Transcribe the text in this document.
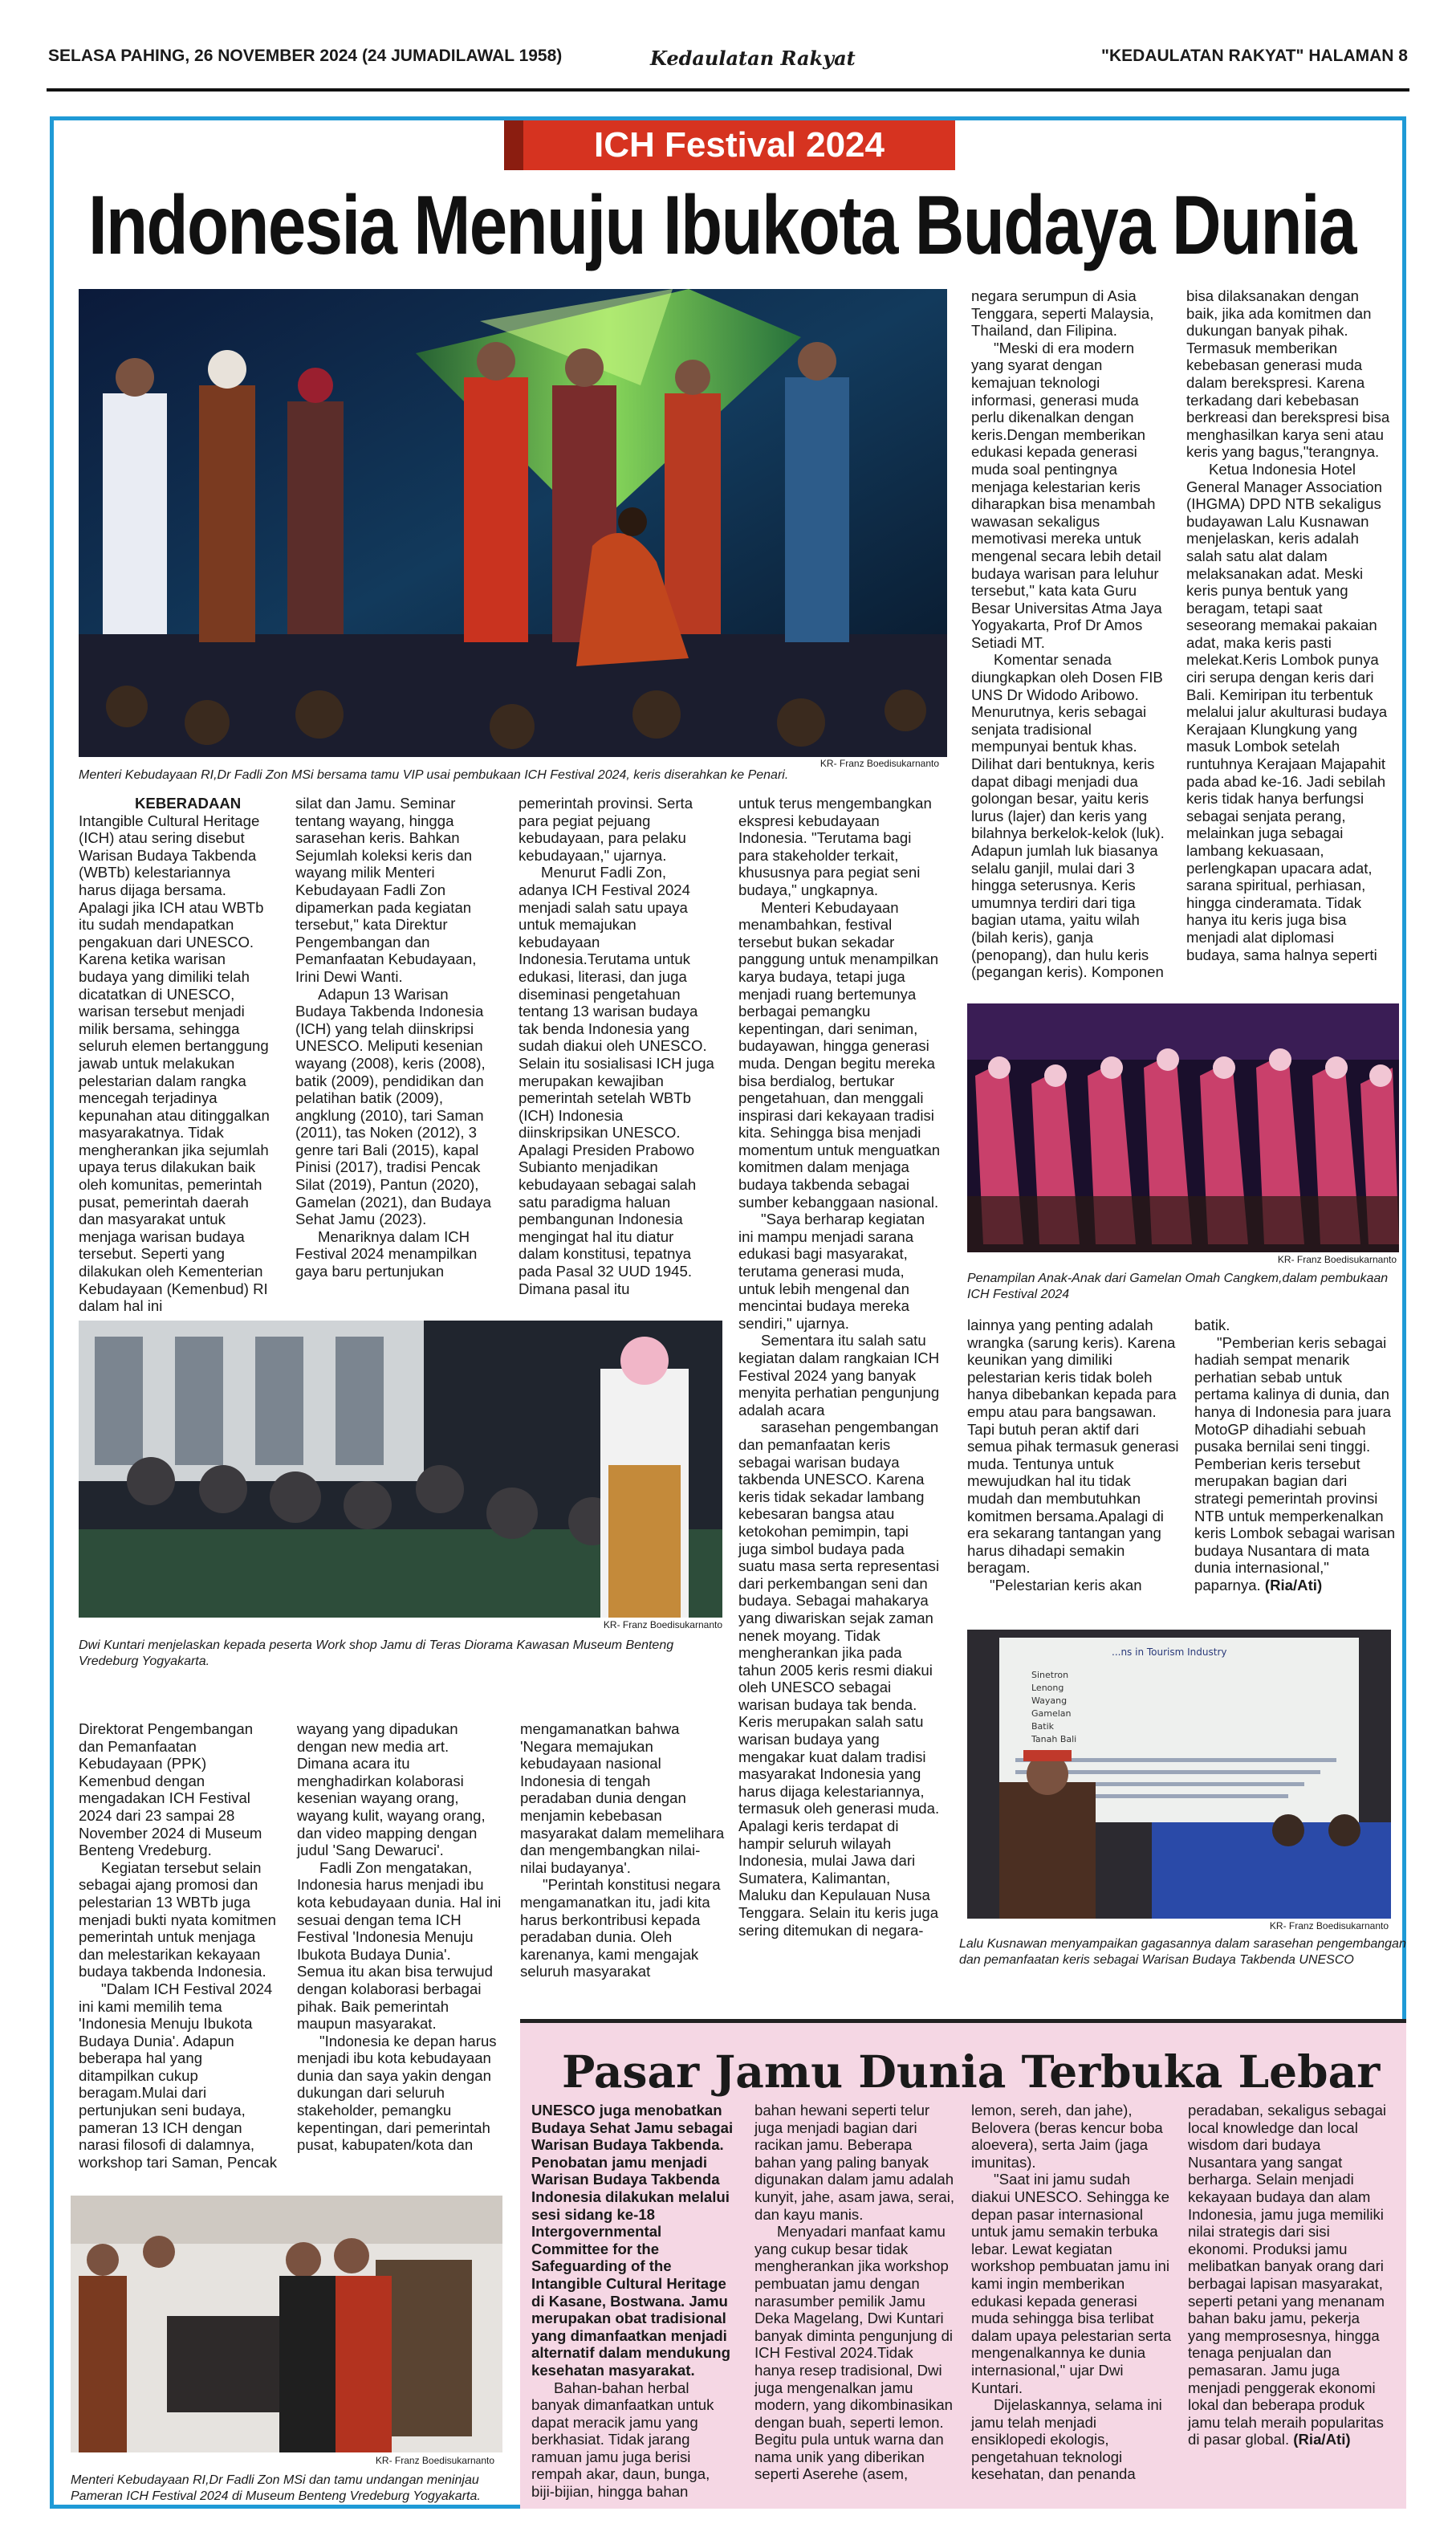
SELASA PAHING, 26 NOVEMBER 2024 (24 JUMADILAWAL 1958)	Kedaulatan Rakyat	"KEDAULATAN RAKYAT" HALAMAN 8
ICH Festival 2024
Indonesia Menuju Ibukota Budaya Dunia
KR- Franz Boedisukarnanto
Menteri Kebudayaan RI,Dr Fadli Zon MSi bersama tamu VIP usai pembukaan ICH Festival 2024, keris diserahkan ke Penari.
KR- Franz Boedisukarnanto
Penampilan Anak-Anak dari Gamelan Omah Cangkem,dalam pembukaan ICH Festival 2024
KR- Franz Boedisukarnanto
Dwi Kuntari menjelaskan kepada peserta Work shop Jamu di Teras Diorama Kawasan Museum Benteng Vredeburg Yogyakarta.
...ns in Tourism Industry
Sinetron
Lenong
Wayang
Gamelan
Batik
Tanah Bali
KR- Franz Boedisukarnanto
Lalu Kusnawan menyampaikan gagasannya dalam sarasehan pengembangan dan pemanfaatan keris sebagai Warisan Budaya Takbenda UNESCO
KR- Franz Boedisukarnanto
Menteri Kebudayaan RI,Dr Fadli Zon MSi dan tamu undangan meninjau Pameran ICH Festival 2024 di Museum Benteng Vredeburg Yogyakarta.

KEBERADAAN

Intangible Cultural Heritage (ICH) atau sering disebut Warisan Budaya Takbenda (WBTb) kelestariannya harus dijaga bersama. Apalagi jika ICH atau WBTb itu sudah mendapatkan pengakuan dari UNESCO. Karena ketika warisan budaya yang dimiliki telah dicatatkan di UNESCO, warisan tersebut menjadi milik bersama, sehingga seluruh elemen bertanggung jawab untuk melakukan pelestarian dalam rangka mencegah terjadinya kepunahan atau ditinggalkan masyarakatnya. Tidak mengherankan jika sejumlah upaya terus dilakukan baik oleh komunitas, pemerintah pusat, pemerintah daerah dan masyarakat untuk menjaga warisan budaya tersebut. Seperti yang dilakukan oleh Kementerian Kebudayaan (Kemenbud) RI dalam hal ini

silat dan Jamu. Seminar tentang wayang, hingga sarasehan keris. Bahkan Sejumlah koleksi keris dan wayang milik Menteri Kebudayaan Fadli Zon dipamerkan pada kegiatan tersebut," kata Direktur Pengembangan dan Pemanfaatan Kebudayaan, Irini Dewi Wanti.

Adapun 13 Warisan Budaya Takbenda Indonesia (ICH) yang telah diinskripsi UNESCO. Meliputi kesenian wayang (2008), keris (2008), batik (2009), pendidikan dan pelatihan batik (2009), angklung (2010), tari Saman (2011), tas Noken (2012), 3 genre tari Bali (2015), kapal Pinisi (2017), tradisi Pencak Silat (2019), Pantun (2020), Gamelan (2021), dan Budaya Sehat Jamu (2023).

Menariknya dalam ICH Festival 2024 menampilkan gaya baru pertunjukan

pemerintah provinsi. Serta para pegiat pejuang kebudayaan, para pelaku kebudayaan," ujarnya.

Menurut Fadli Zon, adanya ICH Festival 2024 menjadi salah satu upaya untuk memajukan kebudayaan Indonesia.Terutama untuk edukasi, literasi, dan juga diseminasi pengetahuan tentang 13 warisan budaya tak benda Indonesia yang sudah diakui oleh UNESCO. Selain itu sosialisasi ICH juga merupakan kewajiban pemerintah setelah WBTb (ICH) Indonesia diinskripsikan UNESCO. Apalagi Presiden Prabowo Subianto menjadikan kebudayaan sebagai salah satu paradigma haluan pembangunan Indonesia mengingat hal itu diatur dalam konstitusi, tepatnya pada Pasal 32 UUD 1945. Dimana pasal itu

untuk terus mengembangkan ekspresi kebudayaan Indonesia. "Terutama bagi para stakeholder terkait, khususnya para pegiat seni budaya," ungkapnya.

Menteri Kebudayaan menambahkan, festival tersebut bukan sekadar panggung untuk menampilkan karya budaya, tetapi juga menjadi ruang bertemunya berbagai pemangku kepentingan, dari seniman, budayawan, hingga generasi muda. Dengan begitu mereka bisa berdialog, bertukar pengetahuan, dan menggali inspirasi dari kekayaan tradisi kita. Sehingga bisa menjadi momentum untuk menguatkan komitmen dalam menjaga budaya takbenda sebagai sumber kebanggaan nasional.

"Saya berharap kegiatan ini mampu menjadi sarana edukasi bagi masyarakat, terutama generasi muda, untuk lebih mengenal dan mencintai budaya mereka sendiri," ujarnya.

Sementara itu salah satu kegiatan dalam rangkaian ICH Festival 2024 yang banyak menyita perhatian pengunjung adalah acara

sarasehan pengembangan dan pemanfaatan keris sebagai warisan budaya takbenda UNESCO. Karena keris tidak sekadar lambang kebesaran bangsa atau ketokohan pemimpin, tapi juga simbol budaya pada suatu masa serta representasi dari perkembangan seni dan budaya. Sebagai mahakarya yang diwariskan sejak zaman nenek moyang. Tidak mengherankan jika pada tahun 2005 keris resmi diakui oleh UNESCO sebagai warisan budaya tak benda. Keris merupakan salah satu warisan budaya yang mengakar kuat dalam tradisi masyarakat Indonesia yang harus dijaga kelestariannya, termasuk oleh generasi muda. Apalagi keris terdapat di hampir seluruh wilayah Indonesia, mulai Jawa dari Sumatera, Kalimantan, Maluku dan Kepulauan Nusa Tenggara. Selain itu keris juga sering ditemukan di negara-

negara serumpun di Asia Tenggara, seperti Malaysia, Thailand, dan Filipina.

"Meski di era modern yang syarat dengan kemajuan teknologi informasi, generasi muda perlu dikenalkan dengan keris.Dengan memberikan edukasi kepada generasi muda soal pentingnya menjaga kelestarian keris diharapkan bisa menambah wawasan sekaligus memotivasi mereka untuk mengenal secara lebih detail budaya warisan para leluhur tersebut," kata kata Guru Besar Universitas Atma Jaya Yogyakarta, Prof Dr Amos Setiadi MT.

Komentar senada diungkapkan oleh Dosen FIB UNS Dr Widodo Aribowo. Menurutnya, keris sebagai senjata tradisional mempunyai bentuk khas. Dilihat dari bentuknya, keris dapat dibagi menjadi dua golongan besar, yaitu keris lurus (lajer) dan keris yang bilahnya berkelok-kelok (luk). Adapun jumlah luk biasanya selalu ganjil, mulai dari 3 hingga seterusnya. Keris umumnya terdiri dari tiga bagian utama, yaitu wilah (bilah keris), ganja (penopang), dan hulu keris (pegangan keris). Komponen

bisa dilaksanakan dengan baik, jika ada komitmen dan dukungan banyak pihak. Termasuk memberikan kebebasan generasi muda dalam berekspresi. Karena terkadang dari kebebasan berkreasi dan berekspresi bisa menghasilkan karya seni atau keris yang bagus,"terangnya.

Ketua Indonesia Hotel General Manager Association (IHGMA) DPD NTB sekaligus budayawan Lalu Kusnawan menjelaskan, keris adalah salah satu alat dalam melaksanakan adat. Meski keris punya bentuk yang beragam, tetapi saat seseorang memakai pakaian adat, maka keris pasti melekat.Keris Lombok punya ciri serupa dengan keris dari Bali. Kemiripan itu terbentuk melalui jalur akulturasi budaya Kerajaan Klungkung yang masuk Lombok setelah runtuhnya Kerajaan Majapahit pada abad ke-16. Jadi sebilah keris tidak hanya berfungsi sebagai senjata perang, melainkan juga sebagai lambang kekuasaan, perlengkapan upacara adat, sarana spiritual, perhiasan, hingga cinderamata. Tidak hanya itu keris juga bisa menjadi alat diplomasi budaya, sama halnya seperti

lainnya yang penting adalah wrangka (sarung keris). Karena keunikan yang dimiliki pelestarian keris tidak boleh hanya dibebankan kepada para empu atau para bangsawan. Tapi butuh peran aktif dari semua pihak termasuk generasi muda. Tentunya untuk mewujudkan hal itu tidak mudah dan membutuhkan komitmen bersama.Apalagi di era sekarang tantangan yang harus dihadapi semakin beragam.

"Pelestarian keris akan

batik.

"Pemberian keris sebagai hadiah sempat menarik perhatian sebab untuk pertama kalinya di dunia, dan hanya di Indonesia para juara MotoGP dihadiahi sebuah pusaka bernilai seni tinggi. Pemberian keris tersebut merupakan bagian dari strategi pemerintah provinsi NTB untuk memperkenalkan keris Lombok sebagai warisan budaya Nusantara di mata dunia internasional," paparnya. (Ria/Ati)

Direktorat Pengembangan dan Pemanfaatan Kebudayaan (PPK) Kemenbud dengan mengadakan ICH Festival 2024 dari 23 sampai 28 November 2024 di Museum Benteng Vredeburg.

Kegiatan tersebut selain sebagai ajang promosi dan pelestarian 13 WBTb juga menjadi bukti nyata komitmen pemerintah untuk menjaga dan melestarikan kekayaan budaya takbenda Indonesia.

"Dalam ICH Festival 2024 ini kami memilih tema 'Indonesia Menuju Ibukota Budaya Dunia'. Adapun beberapa hal yang ditampilkan cukup beragam.Mulai dari pertunjukan seni budaya, pameran 13 ICH dengan narasi filosofi di dalamnya, workshop tari Saman, Pencak

wayang yang dipadukan dengan new media art. Dimana acara itu menghadirkan kolaborasi kesenian wayang orang, wayang kulit, wayang orang, dan video mapping dengan judul 'Sang Dewaruci'.

Fadli Zon mengatakan, Indonesia harus menjadi ibu kota kebudayaan dunia. Hal ini sesuai dengan tema ICH Festival 'Indonesia Menuju Ibukota Budaya Dunia'. Semua itu akan bisa terwujud dengan kolaborasi berbagai pihak. Baik pemerintah maupun masyarakat.

"Indonesia ke depan harus menjadi ibu kota kebudayaan dunia dan saya yakin dengan dukungan dari seluruh stakeholder, pemangku kepentingan, dari pemerintah pusat, kabupaten/kota dan

mengamanatkan bahwa 'Negara memajukan kebudayaan nasional Indonesia di tengah peradaban dunia dengan menjamin kebebasan masyarakat dalam memelihara dan mengembangkan nilai-nilai budayanya'.

"Perintah konstitusi negara mengamanatkan itu, jadi kita harus berkontribusi kepada peradaban dunia. Oleh karenanya, kami mengajak seluruh masyarakat

Pasar Jamu Dunia Terbuka Lebar

UNESCO juga menobatkan Budaya Sehat Jamu sebagai Warisan Budaya Takbenda. Penobatan jamu menjadi Warisan Budaya Takbenda Indonesia dilakukan melalui sesi sidang ke-18 Intergovernmental Committee for the Safeguarding of the Intangible Cultural Heritage di Kasane, Bostwana. Jamu merupakan obat tradisional yang dimanfaatkan menjadi alternatif dalam mendukung kesehatan masyarakat.

Bahan-bahan herbal banyak dimanfaatkan untuk dapat meracik jamu yang berkhasiat. Tidak jarang ramuan jamu juga berisi rempah akar, daun, bunga, biji-bijian, hingga bahan

bahan hewani seperti telur juga menjadi bagian dari racikan jamu. Beberapa bahan yang paling banyak digunakan dalam jamu adalah kunyit, jahe, asam jawa, serai, dan kayu manis.

Menyadari manfaat kamu yang cukup besar tidak mengherankan jika workshop pembuatan jamu dengan narasumber pemilik Jamu Deka Magelang, Dwi Kuntari banyak diminta pengunjung di ICH Festival 2024.Tidak hanya resep tradisional, Dwi juga mengenalkan jamu modern, yang dikombinasikan dengan buah, seperti lemon. Begitu pula untuk warna dan nama unik yang diberikan seperti Aserehe (asem,

lemon, sereh, dan jahe), Belovera (beras kencur boba aloevera), serta Jaim (jaga imunitas).

"Saat ini jamu sudah diakui UNESCO. Sehingga ke depan pasar internasional untuk jamu semakin terbuka lebar. Lewat kegiatan workshop pembuatan jamu ini kami ingin memberikan edukasi kepada generasi muda sehingga bisa terlibat dalam upaya pelestarian serta mengenalkannya ke dunia internasional," ujar Dwi Kuntari.

Dijelaskannya, selama ini jamu telah menjadi ensiklopedi ekologis, pengetahuan teknologi kesehatan, dan penanda

peradaban, sekaligus sebagai local knowledge dan local wisdom dari budaya Nusantara yang sangat berharga. Selain menjadi kekayaan budaya dan alam Indonesia, jamu juga memiliki nilai strategis dari sisi ekonomi. Produksi jamu melibatkan banyak orang dari berbagai lapisan masyarakat, seperti petani yang menanam bahan baku jamu, pekerja yang memprosesnya, hingga tenaga penjualan dan pemasaran. Jamu juga menjadi penggerak ekonomi lokal dan beberapa produk jamu telah meraih popularitas di pasar global. (Ria/Ati)
